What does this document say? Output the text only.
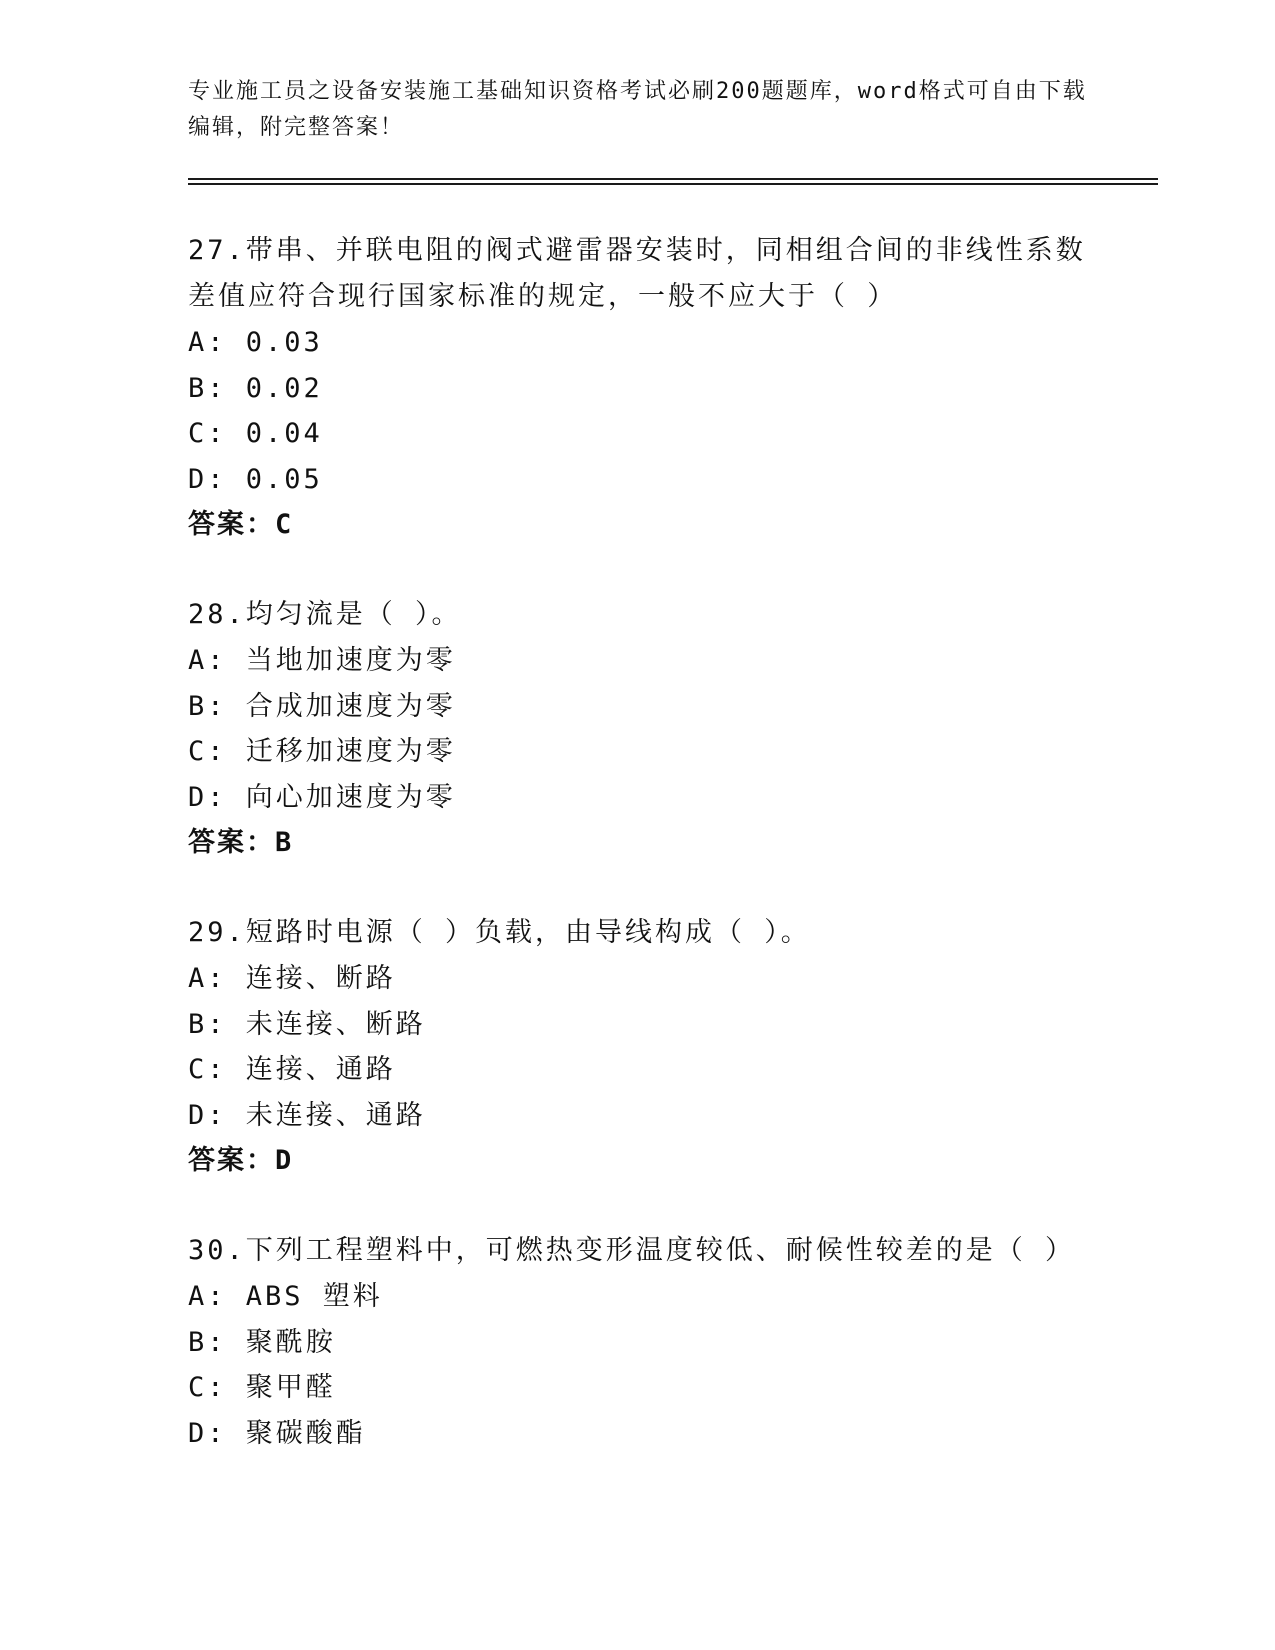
专业施工员之设备安装施工基础知识资格考试必刷200题题库，word格式可自由下载编辑，附完整答案！
27.带串、并联电阻的阀式避雷器安装时，同相组合间的非线性系数差值应符合现行国家标准的规定，一般不应大于（ ）
A: 0.03
B: 0.02
C: 0.04
D: 0.05
答案：C
28.均匀流是（ ）。
A: 当地加速度为零
B: 合成加速度为零
C: 迁移加速度为零
D: 向心加速度为零
答案：B
29.短路时电源（ ）负载，由导线构成（ ）。
A: 连接、断路
B: 未连接、断路
C: 连接、通路
D: 未连接、通路
答案：D
30.下列工程塑料中，可燃热变形温度较低、耐候性较差的是（ ）
A: ABS 塑料
B: 聚酰胺
C: 聚甲醛
D: 聚碳酸酯
